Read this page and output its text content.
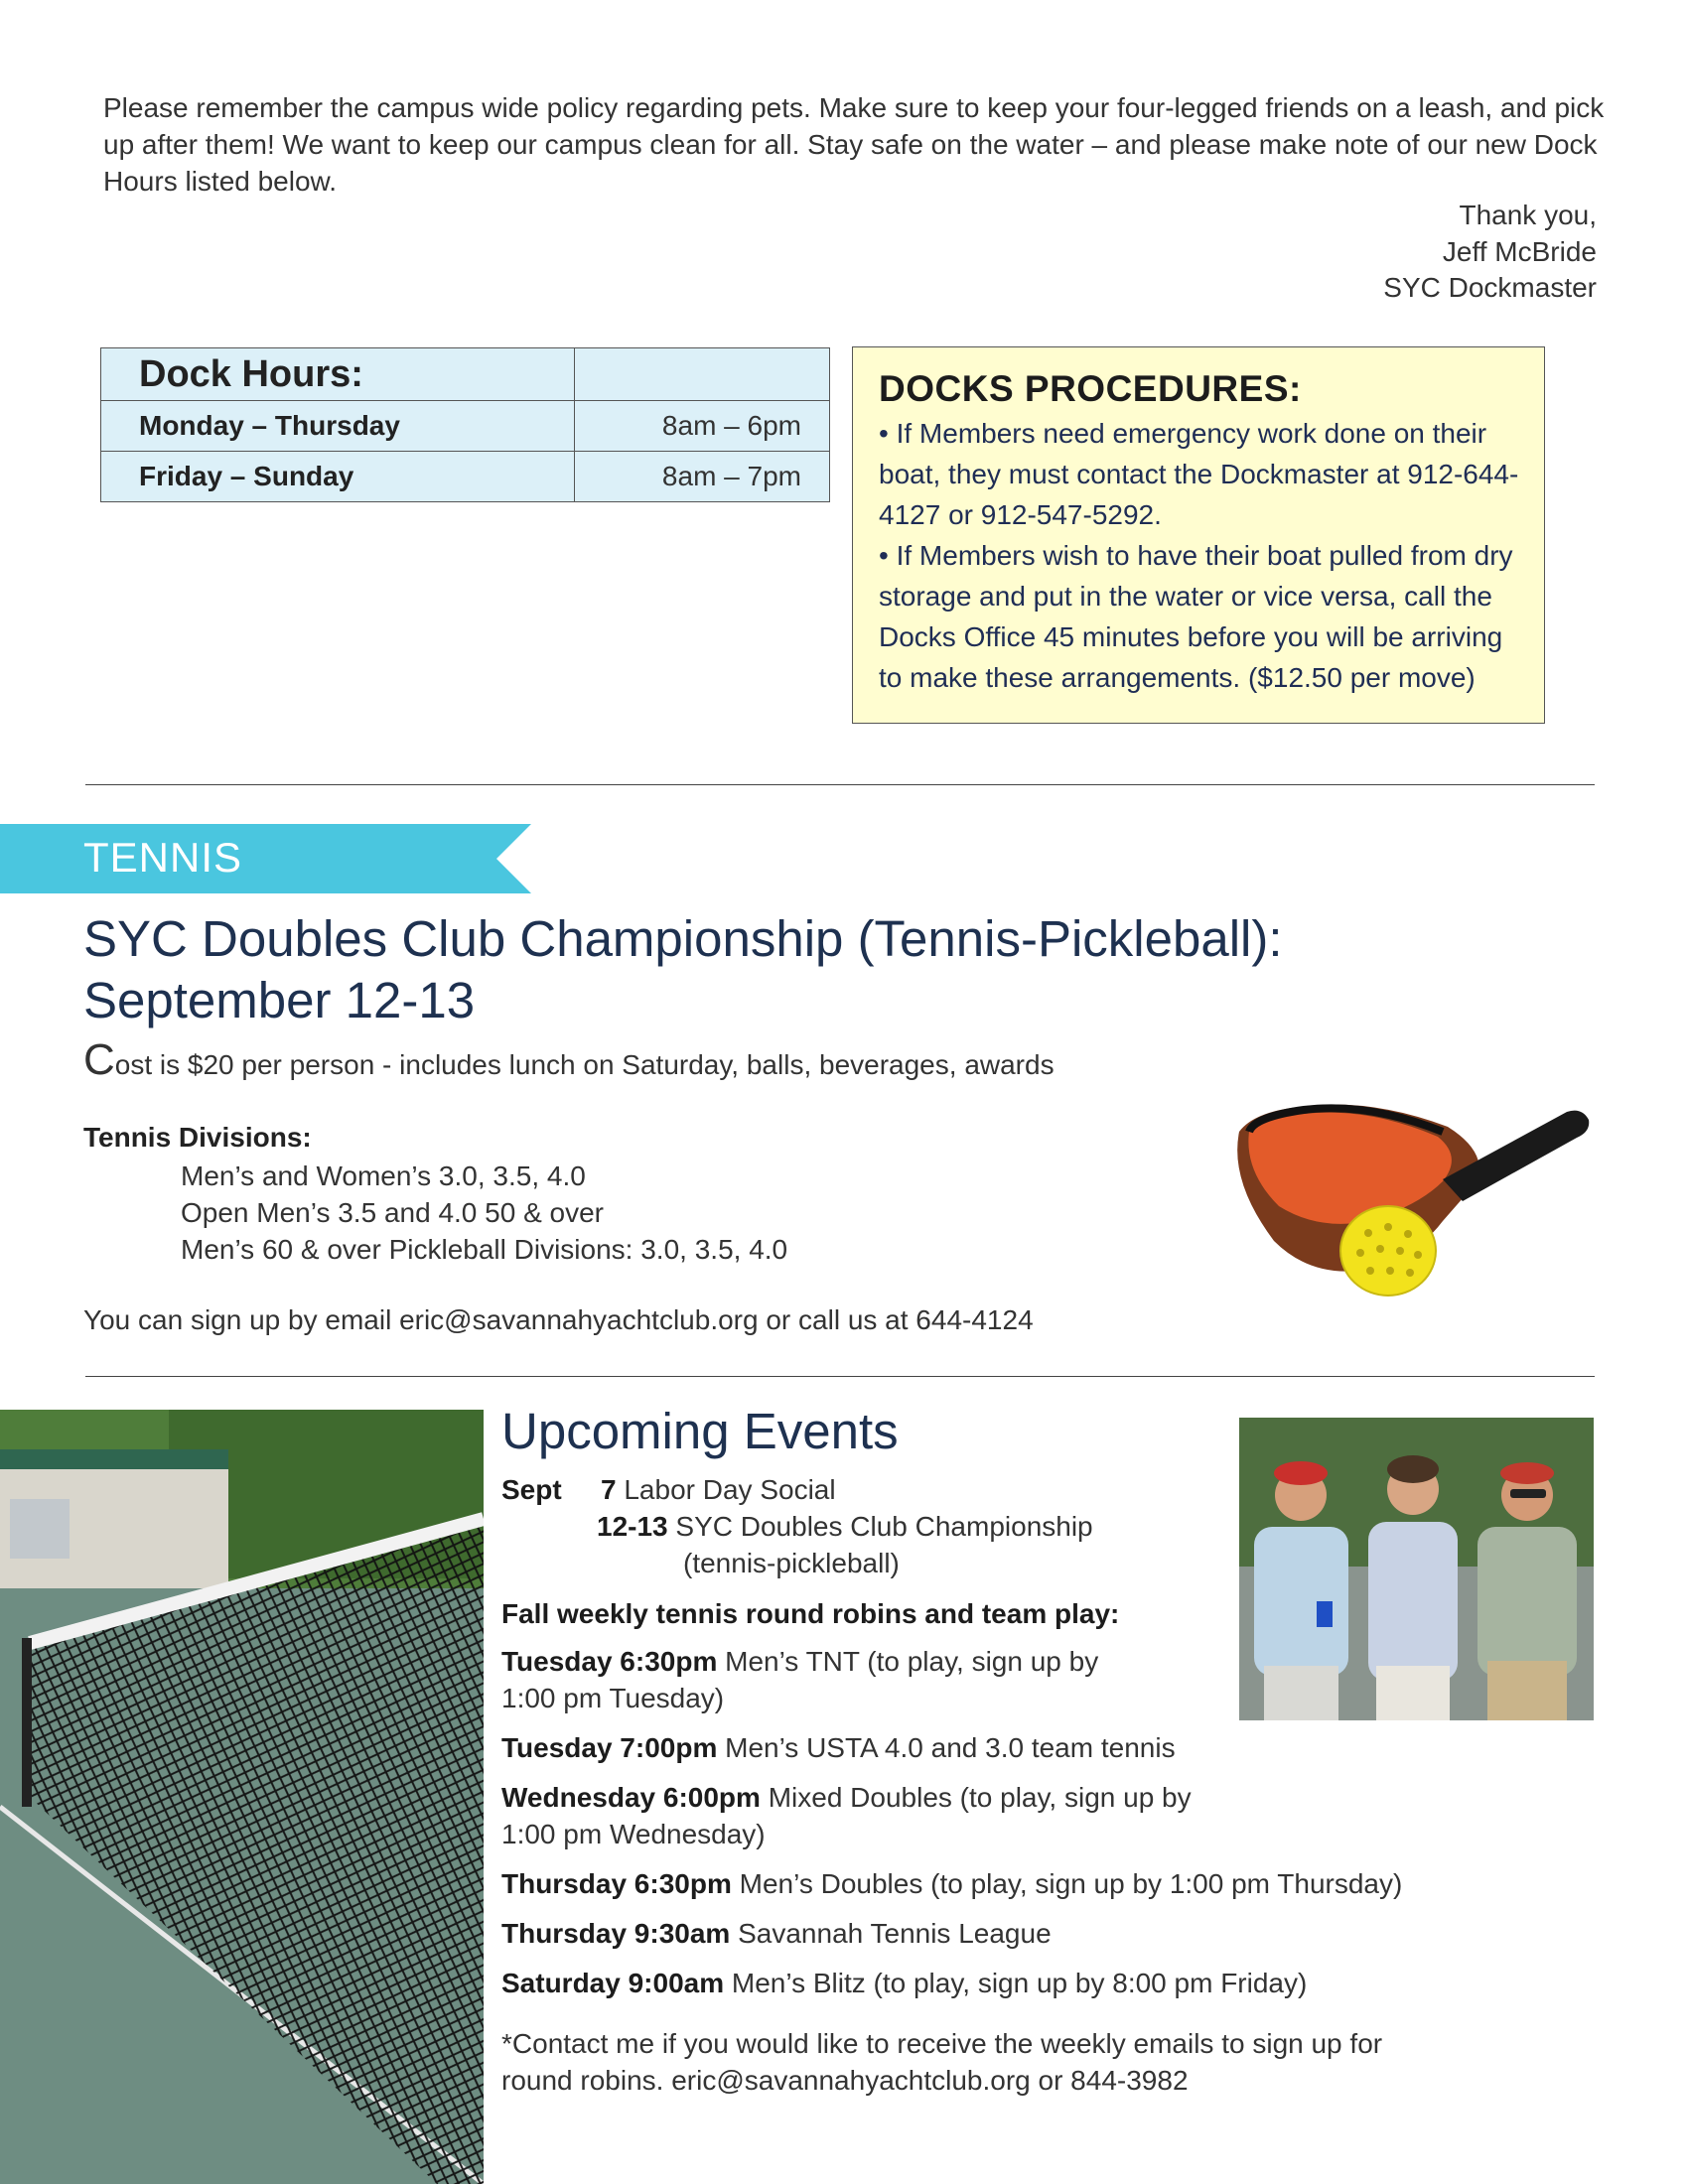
Please remember the campus wide policy regarding pets. Make sure to keep your four-legged friends on a leash, and pick up after them! We want to keep our campus clean for all. Stay safe on the water – and please make note of our new Dock Hours listed below.

Thank you,
Jeff McBride
SYC Dockmaster
Dock Hours:	
Monday – Thursday	8am – 6pm
Friday – Sunday	8am – 7pm
DOCKS PROCEDURES:

• If Members need emergency work done on their boat, they must contact the Dockmaster at 912-644-4127 or 912-547-5292.

• If Members wish to have their boat pulled from dry storage and put in the water or vice versa, call the Docks Office 45 minutes before you will be arriving to make these arrangements. ($12.50 per move)

TENNIS
SYC Doubles Club Championship (Tennis-Pickleball):
September 12-13
Cost is $20 per person - includes lunch on Saturday, balls, beverages, awards
Tennis Divisions:
Men’s and Women’s 3.0, 3.5, 4.0
Open Men’s 3.5 and 4.0 50 & over
Men’s 60 & over Pickleball Divisions: 3.0, 3.5, 4.0
You can sign up by email eric@savannahyachtclub.org or call us at 644-4124
Upcoming Events
Sept 7 Labor Day Social
12-13 SYC Doubles Club Championship
(tennis-pickleball)
Fall weekly tennis round robins and team play:
Tuesday 6:30pm Men’s TNT (to play, sign up by
1:00 pm Tuesday)
Tuesday 7:00pm Men’s USTA 4.0 and 3.0 team tennis
Wednesday 6:00pm Mixed Doubles (to play, sign up by
1:00 pm Wednesday)
Thursday 6:30pm Men’s Doubles (to play, sign up by 1:00 pm Thursday)
Thursday 9:30am Savannah Tennis League
Saturday 9:00am Men’s Blitz (to play, sign up by 8:00 pm Friday)
*Contact me if you would like to receive the weekly emails to sign up for
round robins. eric@savannahyachtclub.org or 844-3982
